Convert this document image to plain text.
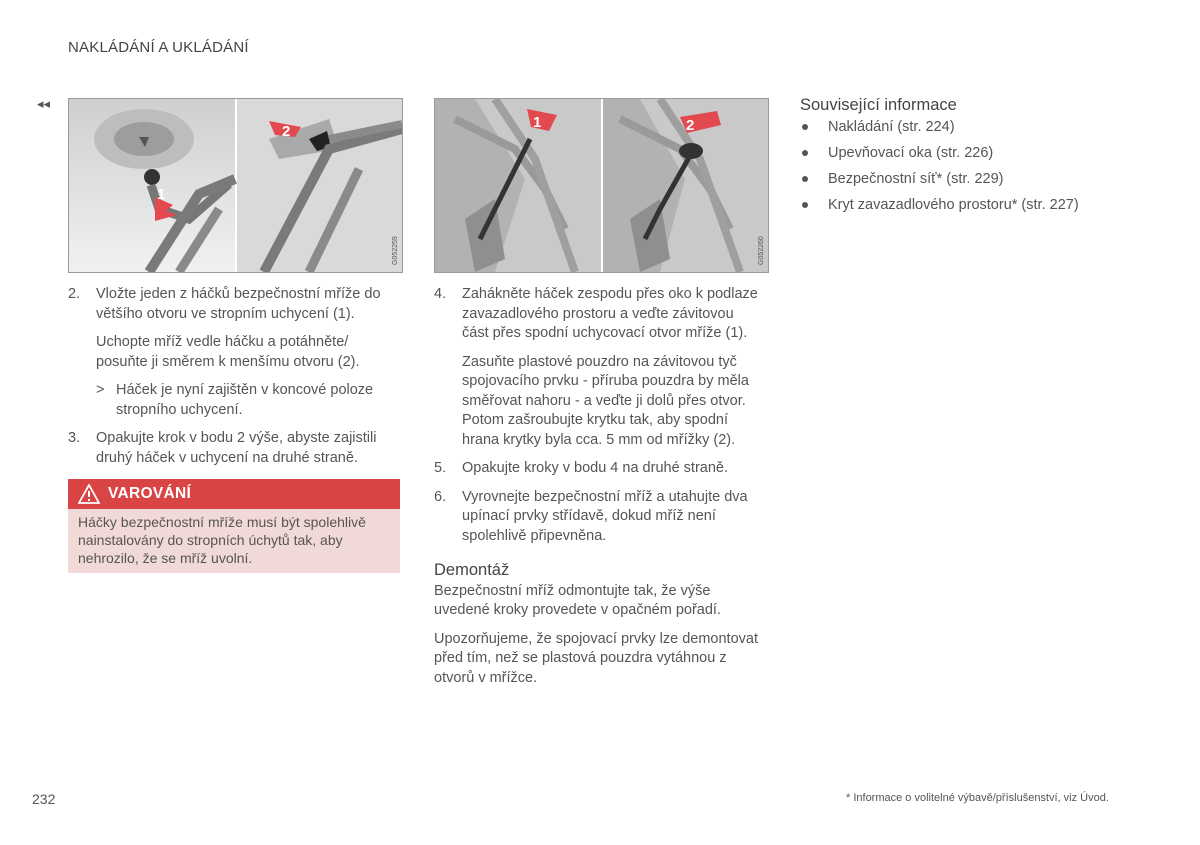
NAKLÁDÁNÍ A UKLÁDÁNÍ
◂◂
1
2
G052259
1	2
G052260
2. Vložte jeden z háčků bezpečnostní mříže do většího otvoru ve stropním uchycení (1).
Uchopte mříž vedle háčku a potáhněte/ posuňte ji směrem k menšímu otvoru (2).
> Háček je nyní zajištěn v koncové poloze stropního uchycení.
3. Opakujte krok v bodu 2 výše, abyste zajistili druhý háček v uchycení na druhé straně.
VAROVÁNÍ
Háčky bezpečnostní mříže musí být spolehlivě nainstalovány do stropních úchytů tak, aby nehrozilo, že se mříž uvolní.
4. Zahákněte háček zespodu přes oko k podlaze zavazadlového prostoru a veďte závitovou část přes spodní uchycovací otvor mříže (1).
Zasuňte plastové pouzdro na závitovou tyč spojovacího prvku - příruba pouzdra by měla směřovat nahoru - a veďte ji dolů přes otvor. Potom zašroubujte krytku tak, aby spodní hrana krytky byla cca. 5 mm od mřížky (2).
5. Opakujte kroky v bodu 4 na druhé straně.
6. Vyrovnejte bezpečnostní mříž a utahujte dva upínací prvky střídavě, dokud mříž není spolehlivě připevněna.
Demontáž
Bezpečnostní mříž odmontujte tak, že výše uvedené kroky provedete v opačném pořadí.
Upozorňujeme, že spojovací prvky lze demontovat před tím, než se plastová pouzdra vytáhnou z otvorů v mřížce.
Související informace
Nakládání (str. 224)
Upevňovací oka (str. 226)
Bezpečnostní síť* (str. 229)
Kryt zavazadlového prostoru* (str. 227)
232	* Informace o volitelné výbavě/příslušenství, viz Úvod.
